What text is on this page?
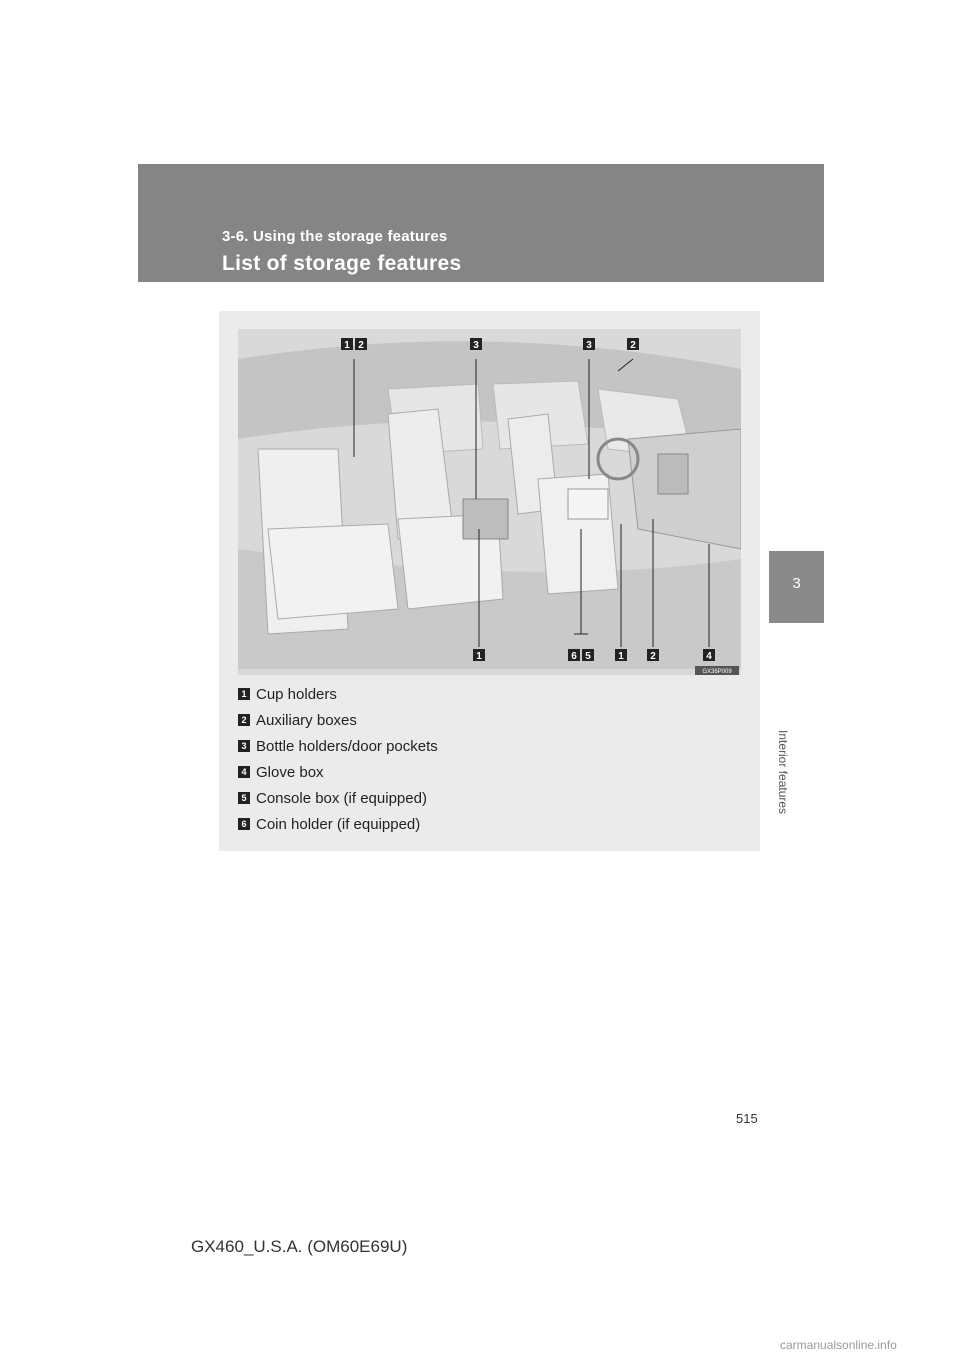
3-6. Using the storage features
List of storage features
3
Interior features
1 2	3	3	2
1	6 5	1	2	4
GX36P009
1 Cup holders
2 Auxiliary boxes
3 Bottle holders/door pockets
4 Glove box
5 Console box (if equipped)
6 Coin holder (if equipped)
515
GX460_U.S.A. (OM60E69U)
carmanualsonline.info
